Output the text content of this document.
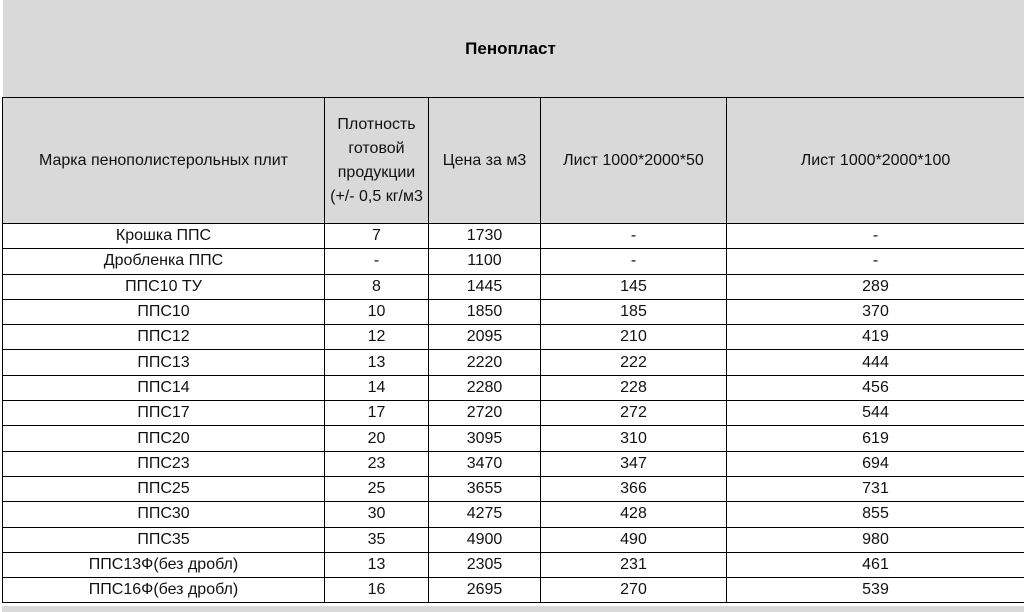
Пенопласт
Марка пенополистерольных плит	Плотность готовой продукции (+/- 0,5 кг/м3	Цена за м3	Лист 1000*2000*50	Лист 1000*2000*100
Крошка ППС	7	1730	-	-
Дробленка ППС	-	1100	-	-
ППС10 ТУ	8	1445	145	289
ППС10	10	1850	185	370
ППС12	12	2095	210	419
ППС13	13	2220	222	444
ППС14	14	2280	228	456
ППС17	17	2720	272	544
ППС20	20	3095	310	619
ППС23	23	3470	347	694
ППС25	25	3655	366	731
ППС30	30	4275	428	855
ППС35	35	4900	490	980
ППС13Ф(без дробл)	13	2305	231	461
ППС16Ф(без дробл)	16	2695	270	539
